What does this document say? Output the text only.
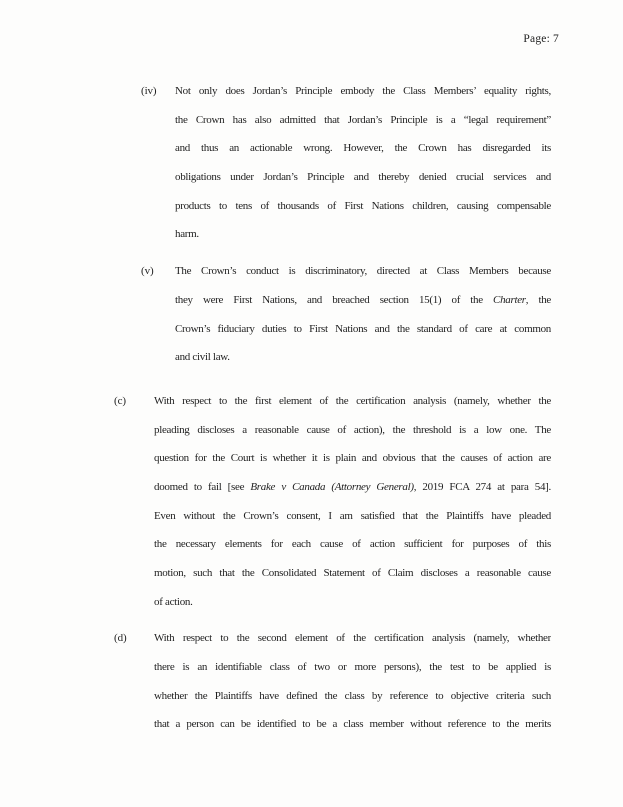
Page: 7
(iv) Not only does Jordan’s Principle embody the Class Members’ equality rights,
the Crown has also admitted that Jordan’s Principle is a “legal requirement”
and thus an actionable wrong. However, the Crown has disregarded its
obligations under Jordan’s Principle and thereby denied crucial services and
products to tens of thousands of First Nations children, causing compensable
harm.
(v) The Crown’s conduct is discriminatory, directed at Class Members because
they were First Nations, and breached section 15(1) of the Charter, the
Crown’s fiduciary duties to First Nations and the standard of care at common
and civil law.
(c)	With respect to the first element of the certification analysis (namely, whether the
pleading discloses a reasonable cause of action), the threshold is a low one. The
question for the Court is whether it is plain and obvious that the causes of action are
doomed to fail [see Brake v Canada (Attorney General), 2019 FCA 274 at para 54].
Even without the Crown’s consent, I am satisfied that the Plaintiffs have pleaded
the necessary elements for each cause of action sufficient for purposes of this
motion, such that the Consolidated Statement of Claim discloses a reasonable cause
of action.
(d) With respect to the second element of the certification analysis (namely, whether
there is an identifiable class of two or more persons), the test to be applied is
whether the Plaintiffs have defined the class by reference to objective criteria such
that a person can be identified to be a class member without reference to the merits
